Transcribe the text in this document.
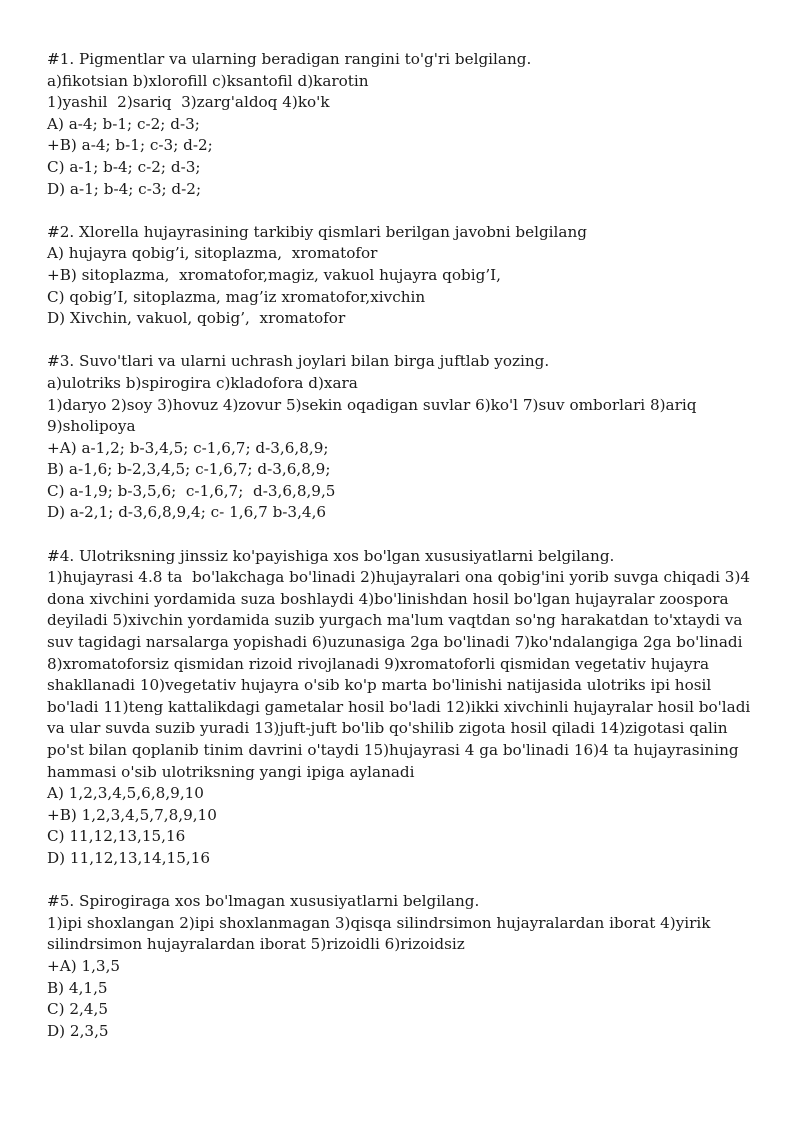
#1. Pigmentlar va ularning beradigan rangini to'g'ri belgilang.
a)fikotsian b)xlorofill c)ksantofil d)karotin
1)yashil  2)sariq  3)zarg'aldoq 4)ko'k
A) a-4; b-1; c-2; d-3;
+B) a-4; b-1; c-3; d-2;
C) a-1; b-4; c-2; d-3;
D) a-1; b-4; c-3; d-2;
#2. Xlorella hujayrasining tarkibiy qismlari berilgan javobni belgilang
A) hujayra qobig’i, sitoplazma,  xromatofor
+B) sitoplazma,  xromatofor,magiz, vakuol hujayra qobig’I,
C) qobig’I, sitoplazma, mag’iz xromatofor,xivchin
D) Xivchin, vakuol, qobig’,  xromatofor
#3. Suvo'tlari va ularni uchrash joylari bilan birga juftlab yozing.
a)ulotriks b)spirogira c)kladofora d)xara
1)daryo 2)soy 3)hovuz 4)zovur 5)sekin oqadigan suvlar 6)ko'l 7)suv omborlari 8)ariq 9)sholipoya
+A) a-1,2; b-3,4,5; c-1,6,7; d-3,6,8,9;
B) a-1,6; b-2,3,4,5; c-1,6,7; d-3,6,8,9;
C) a-1,9; b-3,5,6;  c-1,6,7;  d-3,6,8,9,5
D) a-2,1; d-3,6,8,9,4; c- 1,6,7 b-3,4,6
#4. Ulotriksning jinssiz ko'payishiga xos bo'lgan xususiyatlarni belgilang.
1)hujayrasi 4.8 ta  bo'lakchaga bo'linadi 2)hujayralari ona qobig'ini yorib suvga chiqadi 3)4 dona xivchini yordamida suza boshlaydi 4)bo'linishdan hosil bo'lgan hujayralar zoospora deyiladi 5)xivchin yordamida suzib yurgach ma'lum vaqtdan so'ng harakatdan to'xtaydi va suv tagidagi narsalarga yopishadi 6)uzunasiga 2ga bo'linadi 7)ko'ndalangiga 2ga bo'linadi 8)xromatoforsiz qismidan rizoid rivojlanadi 9)xromatoforli qismidan vegetativ hujayra shakllanadi 10)vegetativ hujayra o'sib ko'p marta bo'linishi natijasida ulotriks ipi hosil bo'ladi 11)teng kattalikdagi gametalar hosil bo'ladi 12)ikki xivchinli hujayralar hosil bo'ladi va ular suvda suzib yuradi 13)juft-juft bo'lib qo'shilib zigota hosil qiladi 14)zigotasi qalin po'st bilan qoplanib tinim davrini o'taydi 15)hujayrasi 4 ga bo'linadi 16)4 ta hujayrasining hammasi o'sib ulotriksning yangi ipiga aylanadi
A) 1,2,3,4,5,6,8,9,10
+B) 1,2,3,4,5,7,8,9,10
C) 11,12,13,15,16
D) 11,12,13,14,15,16
#5. Spirogiraga xos bo'lmagan xususiyatlarni belgilang.
1)ipi shoxlangan 2)ipi shoxlanmagan 3)qisqa silindrsimon hujayralardan iborat 4)yirik silindrsimon hujayralardan iborat 5)rizoidli 6)rizoidsiz
+A) 1,3,5
B) 4,1,5
C) 2,4,5
D) 2,3,5
